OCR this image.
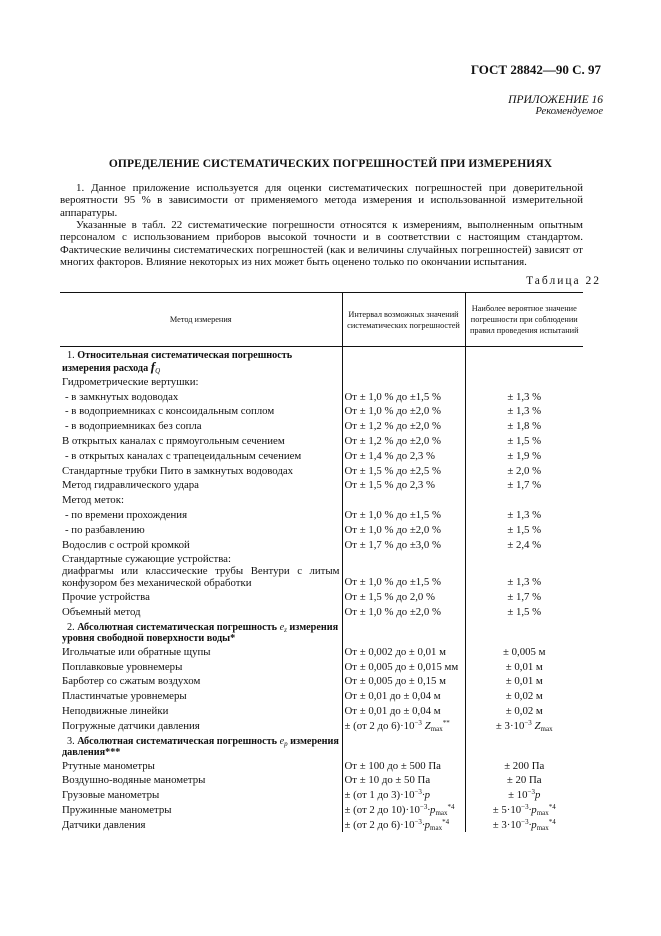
ГОСТ 28842—90 С. 97
ПРИЛОЖЕНИЕ 16
Рекомендуемое
ОПРЕДЕЛЕНИЕ СИСТЕМАТИЧЕСКИХ ПОГРЕШНОСТЕЙ ПРИ ИЗМЕРЕНИЯХ
1. Данное приложение используется для оценки систематических погрешностей при доверительной вероятности 95 % в зависимости от применяемого метода измерения и использованной измерительной аппаратуры.
Указанные в табл. 22 систематические погрешности относятся к измерениям, выполненным опытным персоналом с использованием приборов высокой точности и в соответствии с настоящим стандартом. Фактические величины систематических погрешностей (как и величины случайных погрешностей) зависят от многих факторов. Влияние некоторых из них может быть оценено только по окончании испытания.
Таблица 22
Метод измерения	Интервал возможных значений систематических погрешностей	Наиболее вероятное значение погрешности при соблюдении правил проведения испытаний
1. Относительная систематическая погрешность измерения расхода $f_Q$		
Гидрометрические вертушки:		
- в замкнутых водоводах	От ± 1,0 % до ±1,5 %	± 1,3 %
- в водоприемниках с консоидальным соплом	От ± 1,0 % до ±2,0 %	± 1,3 %
- в водоприемниках без сопла	От ± 1,2 % до ±2,0 %	± 1,8 %
В открытых каналах с прямоугольным сечением	От ± 1,2 % до ±2,0 %	± 1,5 %
- в открытых каналах с трапецеидальным сечением	От ± 1,4 % до 2,3 %	± 1,9 %
Стандартные трубки Пито в замкнутых водоводах	От ± 1,5 % до ±2,5 %	± 2,0 %
Метод гидравлического удара	От ± 1,5 % до 2,3 %	± 1,7 %
Метод меток:		
- по времени прохождения	От ± 1,0 % до ±1,5 %	± 1,3 %
- по разбавлению	От ± 1,0 % до ±2,0 %	± 1,5 %
Водослив с острой кромкой	От ± 1,7 % до ±3,0 %	± 2,4 %
Стандартные сужающие устройства:		
диафрагмы или классические трубы Вентури с литым конфузором без механической обработки	От ± 1,0 % до ±1,5 %	± 1,3 %
Прочие устройства	От ± 1,5 % до 2,0 %	± 1,7 %
Объемный метод	От ± 1,0 % до ±2,0 %	± 1,5 %
2. Абсолютная систематическая погрешность $e_z$ измерения уровня свободной поверхности воды*		
Игольчатые или обратные щупы	От ± 0,002 до ± 0,01 м	± 0,005 м
Поплавковые уровнемеры	От ± 0,005 до ± 0,015 мм	± 0,01 м
Барботер со сжатым воздухом	От ± 0,005 до ± 0,15 м	± 0,01 м
Пластинчатые уровнемеры	От ± 0,01 до ± 0,04 м	± 0,02 м
Неподвижные линейки	От ± 0,01 до ± 0,04 м	± 0,02 м
Погружные датчики давления	± (от 2 до $6)\cdot 10^{-3}$ $Z_{max}^{**}$	± $3\cdot 10^{-3}$ $Z_{max}$
3. Абсолютная систематическая погрешность $e_p$ измерения давления***		
Ртутные манометры	От ± 100 до ± 500 Па	± 200 Па
Воздушно-водяные манометры	От ± 10 до ± 50 Па	± 20 Па
Грузовые манометры	± (от 1 до $3)\cdot 10^{-3}\cdot p$	± $10^{-3}p$
Пружинные манометры	± (от 2 до $10)\cdot 10^{-3}\cdot p_{max}^{*4}$	± $5\cdot 10^{-3}\cdot p_{max}^{*4}$
Датчики давления	± (от 2 до $6)\cdot 10^{-3}\cdot p_{max}^{*4}$	± $3\cdot 10^{-3}\cdot p_{max}^{*4}$
